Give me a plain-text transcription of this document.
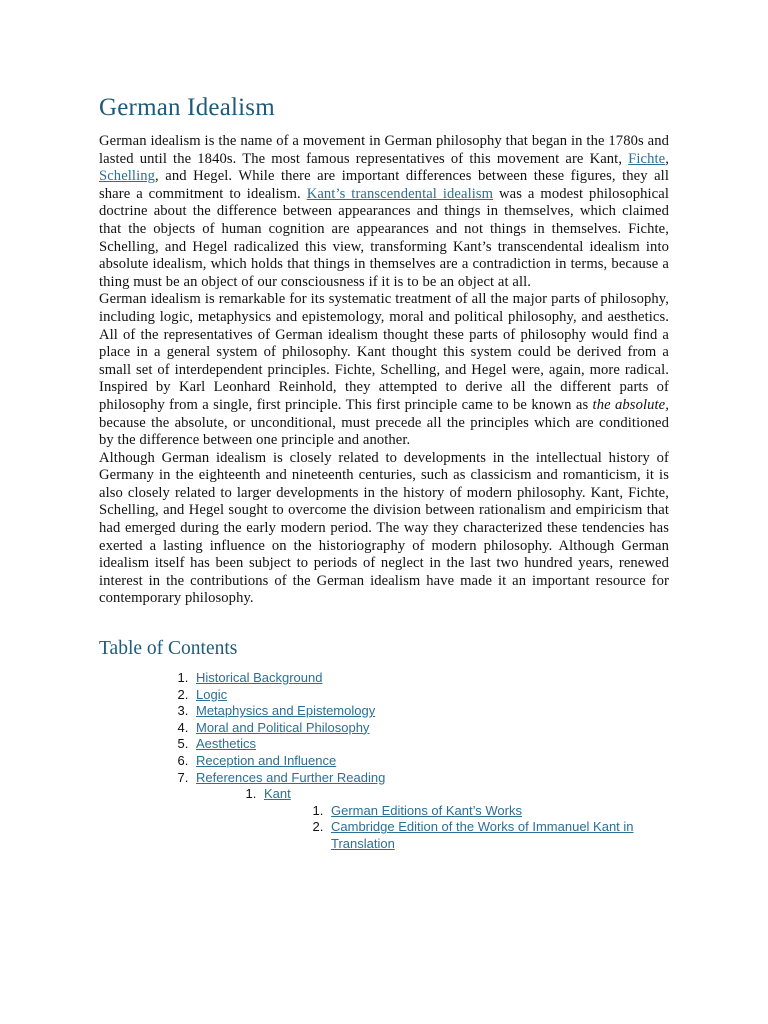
German Idealism

German idealism is the name of a movement in German philosophy that began in the 1780s and lasted until the 1840s. The most famous representatives of this movement are Kant, Fichte, Schelling, and Hegel. While there are important differences between these figures, they all share a commitment to idealism. Kant’s transcendental idealism was a modest philosophical doctrine about the difference between appearances and things in themselves, which claimed that the objects of human cognition are appearances and not things in themselves. Fichte, Schelling, and Hegel radicalized this view, transforming Kant’s transcendental idealism into absolute idealism, which holds that things in themselves are a contradiction in terms, because a thing must be an object of our consciousness if it is to be an object at all.

German idealism is remarkable for its systematic treatment of all the major parts of philosophy, including logic, metaphysics and epistemology, moral and political philosophy, and aesthetics. All of the representatives of German idealism thought these parts of philosophy would find a place in a general system of philosophy. Kant thought this system could be derived from a small set of interdependent principles. Fichte, Schelling, and Hegel were, again, more radical. Inspired by Karl Leonhard Reinhold, they attempted to derive all the different parts of philosophy from a single, first principle. This first principle came to be known as the absolute, because the absolute, or unconditional, must precede all the principles which are conditioned by the difference between one principle and another.

Although German idealism is closely related to developments in the intellectual history of Germany in the eighteenth and nineteenth centuries, such as classicism and romanticism, it is also closely related to larger developments in the history of modern philosophy. Kant, Fichte, Schelling, and Hegel sought to overcome the division between rationalism and empiricism that had emerged during the early modern period. The way they characterized these tendencies has exerted a lasting influence on the historiography of modern philosophy. Although German idealism itself has been subject to periods of neglect in the last two hundred years, renewed interest in the contributions of the German idealism have made it an important resource for contemporary philosophy.

Table of Contents
1. Historical Background
2. Logic
3. Metaphysics and Epistemology
4. Moral and Political Philosophy
5. Aesthetics
6. Reception and Influence
7. References and Further Reading
1. Kant
1. German Editions of Kant’s Works
2. Cambridge Edition of the Works of Immanuel Kant in Translation
